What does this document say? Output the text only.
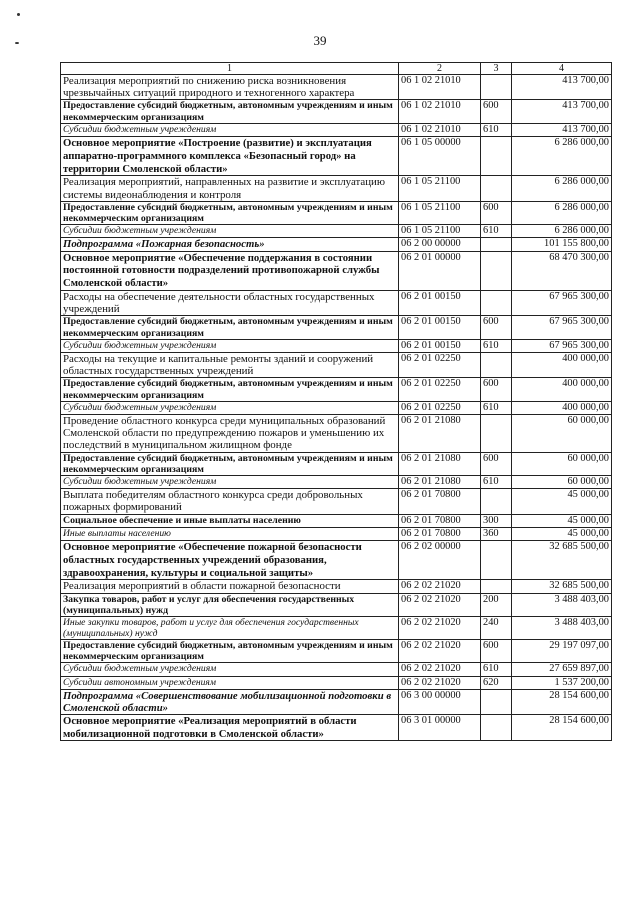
39
1	2	3	4
Реализация мероприятий по снижению риска возникновения чрезвычайных ситуаций природного и техногенного характера	06 1 02 21010		413 700,00
Предоставление субсидий бюджетным, автономным учреждениям и иным некоммерческим организациям	06 1 02 21010	600	413 700,00
Субсидии бюджетным учреждениям	06 1 02 21010	610	413 700,00
Основное мероприятие «Построение (развитие) и эксплуатация аппаратно-программного комплекса «Безопасный город» на территории Смоленской области»	06 1 05 00000		6 286 000,00
Реализация мероприятий, направленных на развитие и эксплуатацию системы видеонаблюдения и контроля	06 1 05 21100		6 286 000,00
Предоставление субсидий бюджетным, автономным учреждениям и иным некоммерческим организациям	06 1 05 21100	600	6 286 000,00
Субсидии бюджетным учреждениям	06 1 05 21100	610	6 286 000,00
Подпрограмма «Пожарная безопасность»	06 2 00 00000		101 155 800,00
Основное мероприятие «Обеспечение поддержания в состоянии постоянной готовности подразделений противопожарной службы Смоленской области»	06 2 01 00000		68 470 300,00
Расходы на обеспечение деятельности областных государственных учреждений	06 2 01 00150		67 965 300,00
Предоставление субсидий бюджетным, автономным учреждениям и иным некоммерческим организациям	06 2 01 00150	600	67 965 300,00
Субсидии бюджетным учреждениям	06 2 01 00150	610	67 965 300,00
Расходы на текущие и капитальные ремонты зданий и сооружений областных государственных учреждений	06 2 01 02250		400 000,00
Предоставление субсидий бюджетным, автономным учреждениям и иным некоммерческим организациям	06 2 01 02250	600	400 000,00
Субсидии бюджетным учреждениям	06 2 01 02250	610	400 000,00
Проведение областного конкурса среди муниципальных образований Смоленской области по предупреждению пожаров и уменьшению их последствий в муниципальном жилищном фонде	06 2 01 21080		60 000,00
Предоставление субсидий бюджетным, автономным учреждениям и иным некоммерческим организациям	06 2 01 21080	600	60 000,00
Субсидии бюджетным учреждениям	06 2 01 21080	610	60 000,00
Выплата победителям областного конкурса среди добровольных пожарных формирований	06 2 01 70800		45 000,00
Социальное обеспечение и иные выплаты населению	06 2 01 70800	300	45 000,00
Иные выплаты населению	06 2 01 70800	360	45 000,00
Основное мероприятие «Обеспечение пожарной безопасности областных государственных учреждений образования, здравоохранения, культуры и социальной защиты»	06 2 02 00000		32 685 500,00
Реализация мероприятий в области пожарной безопасности	06 2 02 21020		32 685 500,00
Закупка товаров, работ и услуг для обеспечения государственных (муниципальных) нужд	06 2 02 21020	200	3 488 403,00
Иные закупки товаров, работ и услуг для обеспечения государственных (муниципальных) нужд	06 2 02 21020	240	3 488 403,00
Предоставление субсидий бюджетным, автономным учреждениям и иным некоммерческим организациям	06 2 02 21020	600	29 197 097,00
Субсидии бюджетным учреждениям	06 2 02 21020	610	27 659 897,00
Субсидии автономным учреждениям	06 2 02 21020	620	1 537 200,00
Подпрограмма «Совершенствование мобилизационной подготовки в Смоленской области»	06 3 00 00000		28 154 600,00
Основное мероприятие «Реализация мероприятий в области мобилизационной подготовки в Смоленской области»	06 3 01 00000		28 154 600,00
